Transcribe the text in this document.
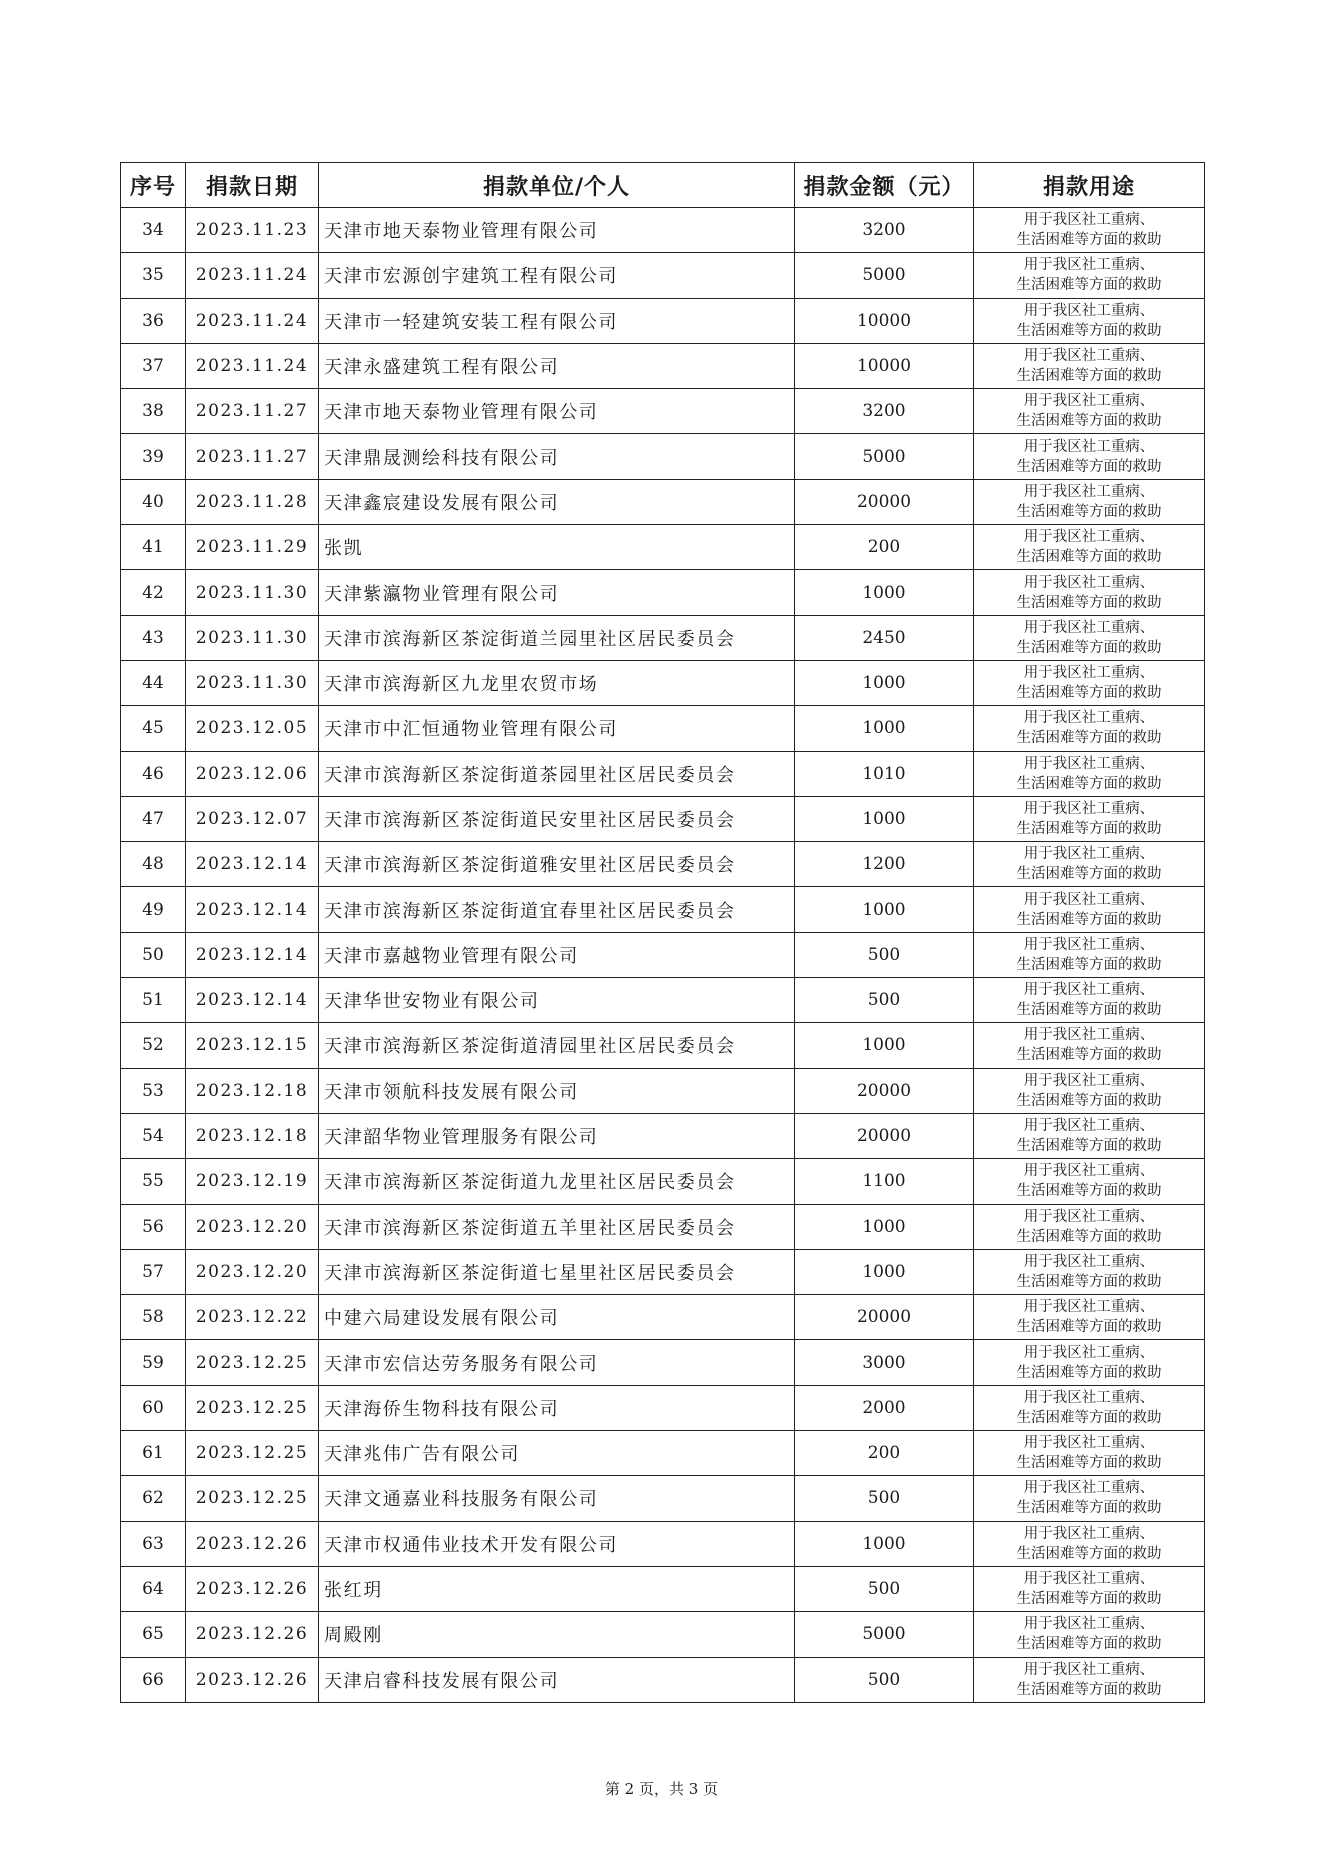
序号	捐款日期	捐款单位/个人	捐款金额（元）	捐款用途
34	2023.11.23	天津市地天泰物业管理有限公司	3200	用于我区社工重病、
生活困难等方面的救助

35	2023.11.24	天津市宏源创宇建筑工程有限公司	5000	用于我区社工重病、
生活困难等方面的救助

36	2023.11.24	天津市一轻建筑安装工程有限公司	10000	用于我区社工重病、
生活困难等方面的救助

37	2023.11.24	天津永盛建筑工程有限公司	10000	用于我区社工重病、
生活困难等方面的救助

38	2023.11.27	天津市地天泰物业管理有限公司	3200	用于我区社工重病、
生活困难等方面的救助

39	2023.11.27	天津鼎晟测绘科技有限公司	5000	用于我区社工重病、
生活困难等方面的救助

40	2023.11.28	天津鑫宸建设发展有限公司	20000	用于我区社工重病、
生活困难等方面的救助

41	2023.11.29	张凯	200	用于我区社工重病、
生活困难等方面的救助

42	2023.11.30	天津紫瀛物业管理有限公司	1000	用于我区社工重病、
生活困难等方面的救助

43	2023.11.30	天津市滨海新区茶淀街道兰园里社区居民委员会	2450	用于我区社工重病、
生活困难等方面的救助

44	2023.11.30	天津市滨海新区九龙里农贸市场	1000	用于我区社工重病、
生活困难等方面的救助

45	2023.12.05	天津市中汇恒通物业管理有限公司	1000	用于我区社工重病、
生活困难等方面的救助

46	2023.12.06	天津市滨海新区茶淀街道茶园里社区居民委员会	1010	用于我区社工重病、
生活困难等方面的救助

47	2023.12.07	天津市滨海新区茶淀街道民安里社区居民委员会	1000	用于我区社工重病、
生活困难等方面的救助

48	2023.12.14	天津市滨海新区茶淀街道雅安里社区居民委员会	1200	用于我区社工重病、
生活困难等方面的救助

49	2023.12.14	天津市滨海新区茶淀街道宜春里社区居民委员会	1000	用于我区社工重病、
生活困难等方面的救助

50	2023.12.14	天津市嘉越物业管理有限公司	500	用于我区社工重病、
生活困难等方面的救助

51	2023.12.14	天津华世安物业有限公司	500	用于我区社工重病、
生活困难等方面的救助

52	2023.12.15	天津市滨海新区茶淀街道清园里社区居民委员会	1000	用于我区社工重病、
生活困难等方面的救助

53	2023.12.18	天津市领航科技发展有限公司	20000	用于我区社工重病、
生活困难等方面的救助

54	2023.12.18	天津韶华物业管理服务有限公司	20000	用于我区社工重病、
生活困难等方面的救助

55	2023.12.19	天津市滨海新区茶淀街道九龙里社区居民委员会	1100	用于我区社工重病、
生活困难等方面的救助

56	2023.12.20	天津市滨海新区茶淀街道五羊里社区居民委员会	1000	用于我区社工重病、
生活困难等方面的救助

57	2023.12.20	天津市滨海新区茶淀街道七星里社区居民委员会	1000	用于我区社工重病、
生活困难等方面的救助

58	2023.12.22	中建六局建设发展有限公司	20000	用于我区社工重病、
生活困难等方面的救助

59	2023.12.25	天津市宏信达劳务服务有限公司	3000	用于我区社工重病、
生活困难等方面的救助

60	2023.12.25	天津海侨生物科技有限公司	2000	用于我区社工重病、
生活困难等方面的救助

61	2023.12.25	天津兆伟广告有限公司	200	用于我区社工重病、
生活困难等方面的救助

62	2023.12.25	天津文通嘉业科技服务有限公司	500	用于我区社工重病、
生活困难等方面的救助

63	2023.12.26	天津市权通伟业技术开发有限公司	1000	用于我区社工重病、
生活困难等方面的救助

64	2023.12.26	张红玥	500	用于我区社工重病、
生活困难等方面的救助

65	2023.12.26	周殿刚	5000	用于我区社工重病、
生活困难等方面的救助

66	2023.12.26	天津启睿科技发展有限公司	500	用于我区社工重病、
生活困难等方面的救助
第 2 页，共 3 页
